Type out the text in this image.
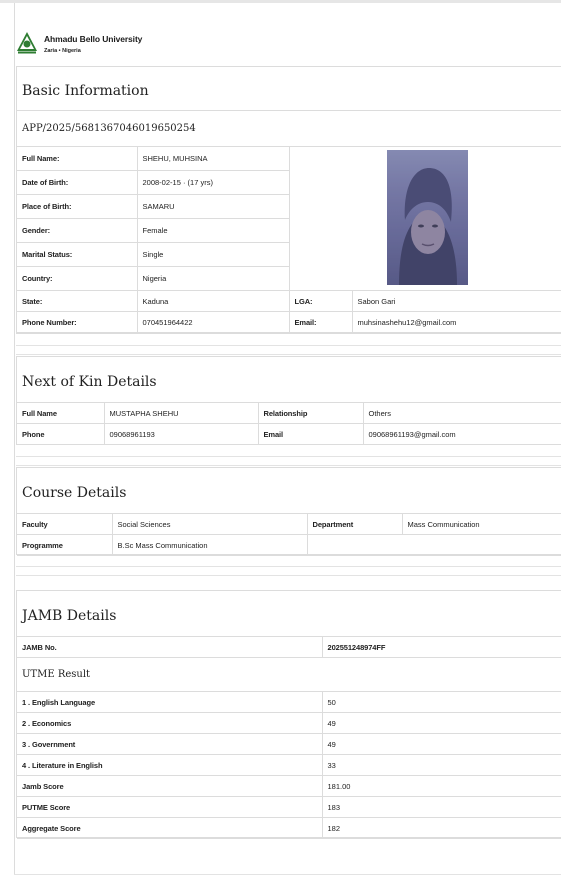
Ahmadu Bello University
Zaria • Nigeria
Basic Information
APP/2025/5681367046019650254
Full Name:	SHEHU, MUHSINA		
Date of Birth:	2008-02-15 · (17 yrs)		
Place of Birth:	SAMARU		
Gender:	Female		
Marital Status:	Single		
Country:	Nigeria		
State:	Kaduna	LGA:	Sabon Gari
Phone Number:	070451964422	Email:	muhsinashehu12@gmail.com
Next of Kin Details
Full Name	MUSTAPHA SHEHU	Relationship	Others
Phone	09068961193	Email	09068961193@gmail.com
Course Details
Faculty	Social Sciences	Department	Mass Communication
Programme	B.Sc Mass Communication		
JAMB Details
JAMB No.	202551248974FF
UTME Result
1 . English Language	50
2 . Economics	49
3 . Government	49
4 . Literature in English	33
Jamb Score	181.00
PUTME Score	183
Aggregate Score	182
